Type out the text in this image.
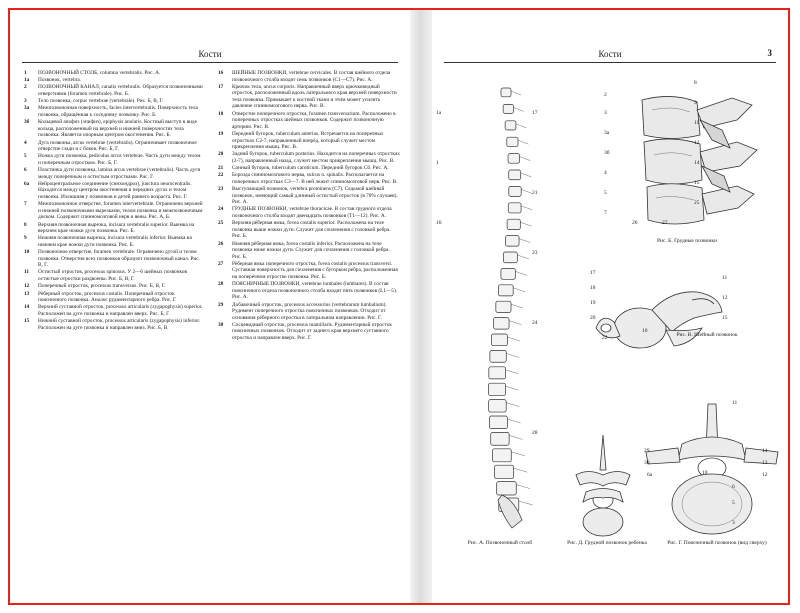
Кости
1	ПОЗВОНОЧНЫЙ СТОЛБ, columna vertebralis. Рис. А.
1а	Позвонок, vertebra.
2	ПОЗВОНОЧНЫЙ КАНАЛ, canalis vertebralis. Образуется позвоночными отверстиями (foramen vertebrale). Рис. Б.
3	Тело позвонка, corpus vertebrae (vertebrale). Рис. Б, В, Г.
3а	Межпозвоночная поверхность, facies intervertebralis. Поверхность тела позвонка, обращённая к соседнему позвонку. Рис. Б.
3б	Кольцевой апофиз (эпифиз), epiphysis anularis. Костный выступ в виде кольца, расположенный на верхней и нижней поверхностях тела позвонка. Является опорным центром окостенения. Рис. Б.
4	Дуга позвонка, arcus vertebrae (vertebralis). Ограничивает позвоночное отверстие сзади и с боков. Рис. Б, Г.
5	Ножка дуги позвонка, pediculus arcus vertebrae. Часть дуги между телом и поперечным отростком. Рис. Б, Г.
6	Пластинка дуги позвонка, lamina arcus vertebrae (vertebralis). Часть дуги между поперечным и остистым отростками. Рис. Г.
6а	Нейроцентральное соединение (синхондроз), junctura neurocentralis. Находится между центром окостенения в передних дугах и телом позвонка. Излишняя у позвонков и детей раннего возраста. Рис. Г.
7	Межпозвоночное отверстие, foramen intervertebrale. Ограничено верхней и нижней позвоночными вырезками, телом позвонка и межпозвоночным диском. Содержит спинномозговой нерв и вены. Рис. А, Б.
8	Верхняя позвоночная вырезка, incisura vertebralis superior. Выемка на верхнем крае ножки дуги позвонка. Рис. Б.
9	Нижняя позвоночная вырезка, incisura vertebralis inferior. Выемка на нижнем крае ножки дуги позвонка. Рис. Б.
10	Позвоночное отверстие, foramen vertebrale. Ограничено дугой и телом позвонка. Отверстия всех позвонков образуют позвоночный канал. Рис. В, Г.
11	Остистый отросток, processus spinosus. У 2—6 шейных позвонков остистые отростки раздвоены. Рис. Б, В, Г.
12	Поперечный отросток, processus transversus. Рис. Б, В, Г.
13	Рёберный отросток, processus costalis. Поперечный отросток поясничного позвонка. Аналог рудиментарного ребра. Рис. Г.
14	Верхний суставной отросток, processus articularis (zygapophysis) superior. Расположен на дуге позвонка и направлен вверх. Рис. Б, Г.
15	Нижний суставной отросток, processus articularis (zygapophysis) inferior. Расположен на дуге позвонка и направлен вниз. Рис. Б, В.
16	ШЕЙНЫЕ ПОЗВОНКИ, vertebrae cervicales. В состав шейного отдела позвоночного столба входят семь позвонков (C1—C7). Рис. А.
17	Крючок тела, uncus corporis. Направленный вверх крючковидный отросток, расположенный вдоль латерального края верхней поверхности тела позвонка. Примыкает к костной ткани и этим может усилить давление спинномозгового нерва. Рис. В.
18	Отверстие поперечного отростка, foramen transversarium. Расположено в поперечных отростках шейных позвонков. Содержит позвоночную артерию. Рис. В.
19	Передний бугорок, tuberculum anterius. Встречается на поперечных отростках С2-7, направленный вперёд, который служит местом прикрепления мышц. Рис. В.
20	Задний бугорок, tuberculum posterius. Находится на поперечных отростках (2-7), направленный назад, служит местом прикрепления мышц. Рис. В.
21	Сонный бугорок, tuberculum caroticum. Передний бугорок С6. Рис. А.
22	Борозда спинномозгового нерва, sulcus n. spinalis. Располагается на поперечных отростках С3—7. В ней лежит спинномозговой нерв. Рис. В.
23	Выступающий позвонок, vertebra prominens (С7). Седьмой шейный позвонок, имеющий самый длинный остистый отросток (в 70% случаев). Рис. А.
24	ГРУДНЫЕ ПОЗВОНКИ, vertebrae thoracicae. В состав грудного отдела позвоночного столба входят двенадцать позвонков (Т1—12). Рис. А.
25	Верхняя рёберная ямка, fovea costalis superior. Расположена на теле позвонка выше ножки дуги. Служит для сочленения с головкой ребра. Рис. Б.
26	Нижняя рёберная ямка, fovea costalis inferior. Расположена на теле позвонка ниже ножки дуги. Служит для сочленения с головкой ребра. Рис. Б.
27	Рёберная ямка поперечного отростка, fovea costalis processus transversi. Суставная поверхность для сочленения с бугорком ребра, расположенная на поперечном отростке позвонка. Рис. Б.
28	ПОЯСНИЧНЫЕ ПОЗВОНКИ, vertebrae lumbales (lumbares). В состав поясничного отдела позвоночного столба входят пять позвонков (L1—5). Рис. А.
29	Добавочный отросток, processus accessorius (vertebrarum lumbalium). Рудимент поперечного отростка поясничных позвонков. Отходит от основания рёберного отростка в латеральном направлении. Рис. Г.
30	Сосцевидный отросток, processus mamillaris. Рудиментарный отросток поясничных позвонков. Отходит от заднего края верхнего суставного отростка и направлен вверх. Рис. Г.
Кости	3
1а
1
16
17
21
23
24
28
Рис. А. Позвоночный столб
2
3
3а
3б
4
5
7
8
9
11
12
14
15
25
26	27
Рис. Б. Грудные позвонки
17
18
19
20
22
10
11
12
15
Рис. В. Шейный позвонок
Рис. Д. Грудной позвонок ребенка
29
30
14
13
12
11
10
6
5
3
6а
Рис. Г. Поясничный позвонок (вид сверху)
